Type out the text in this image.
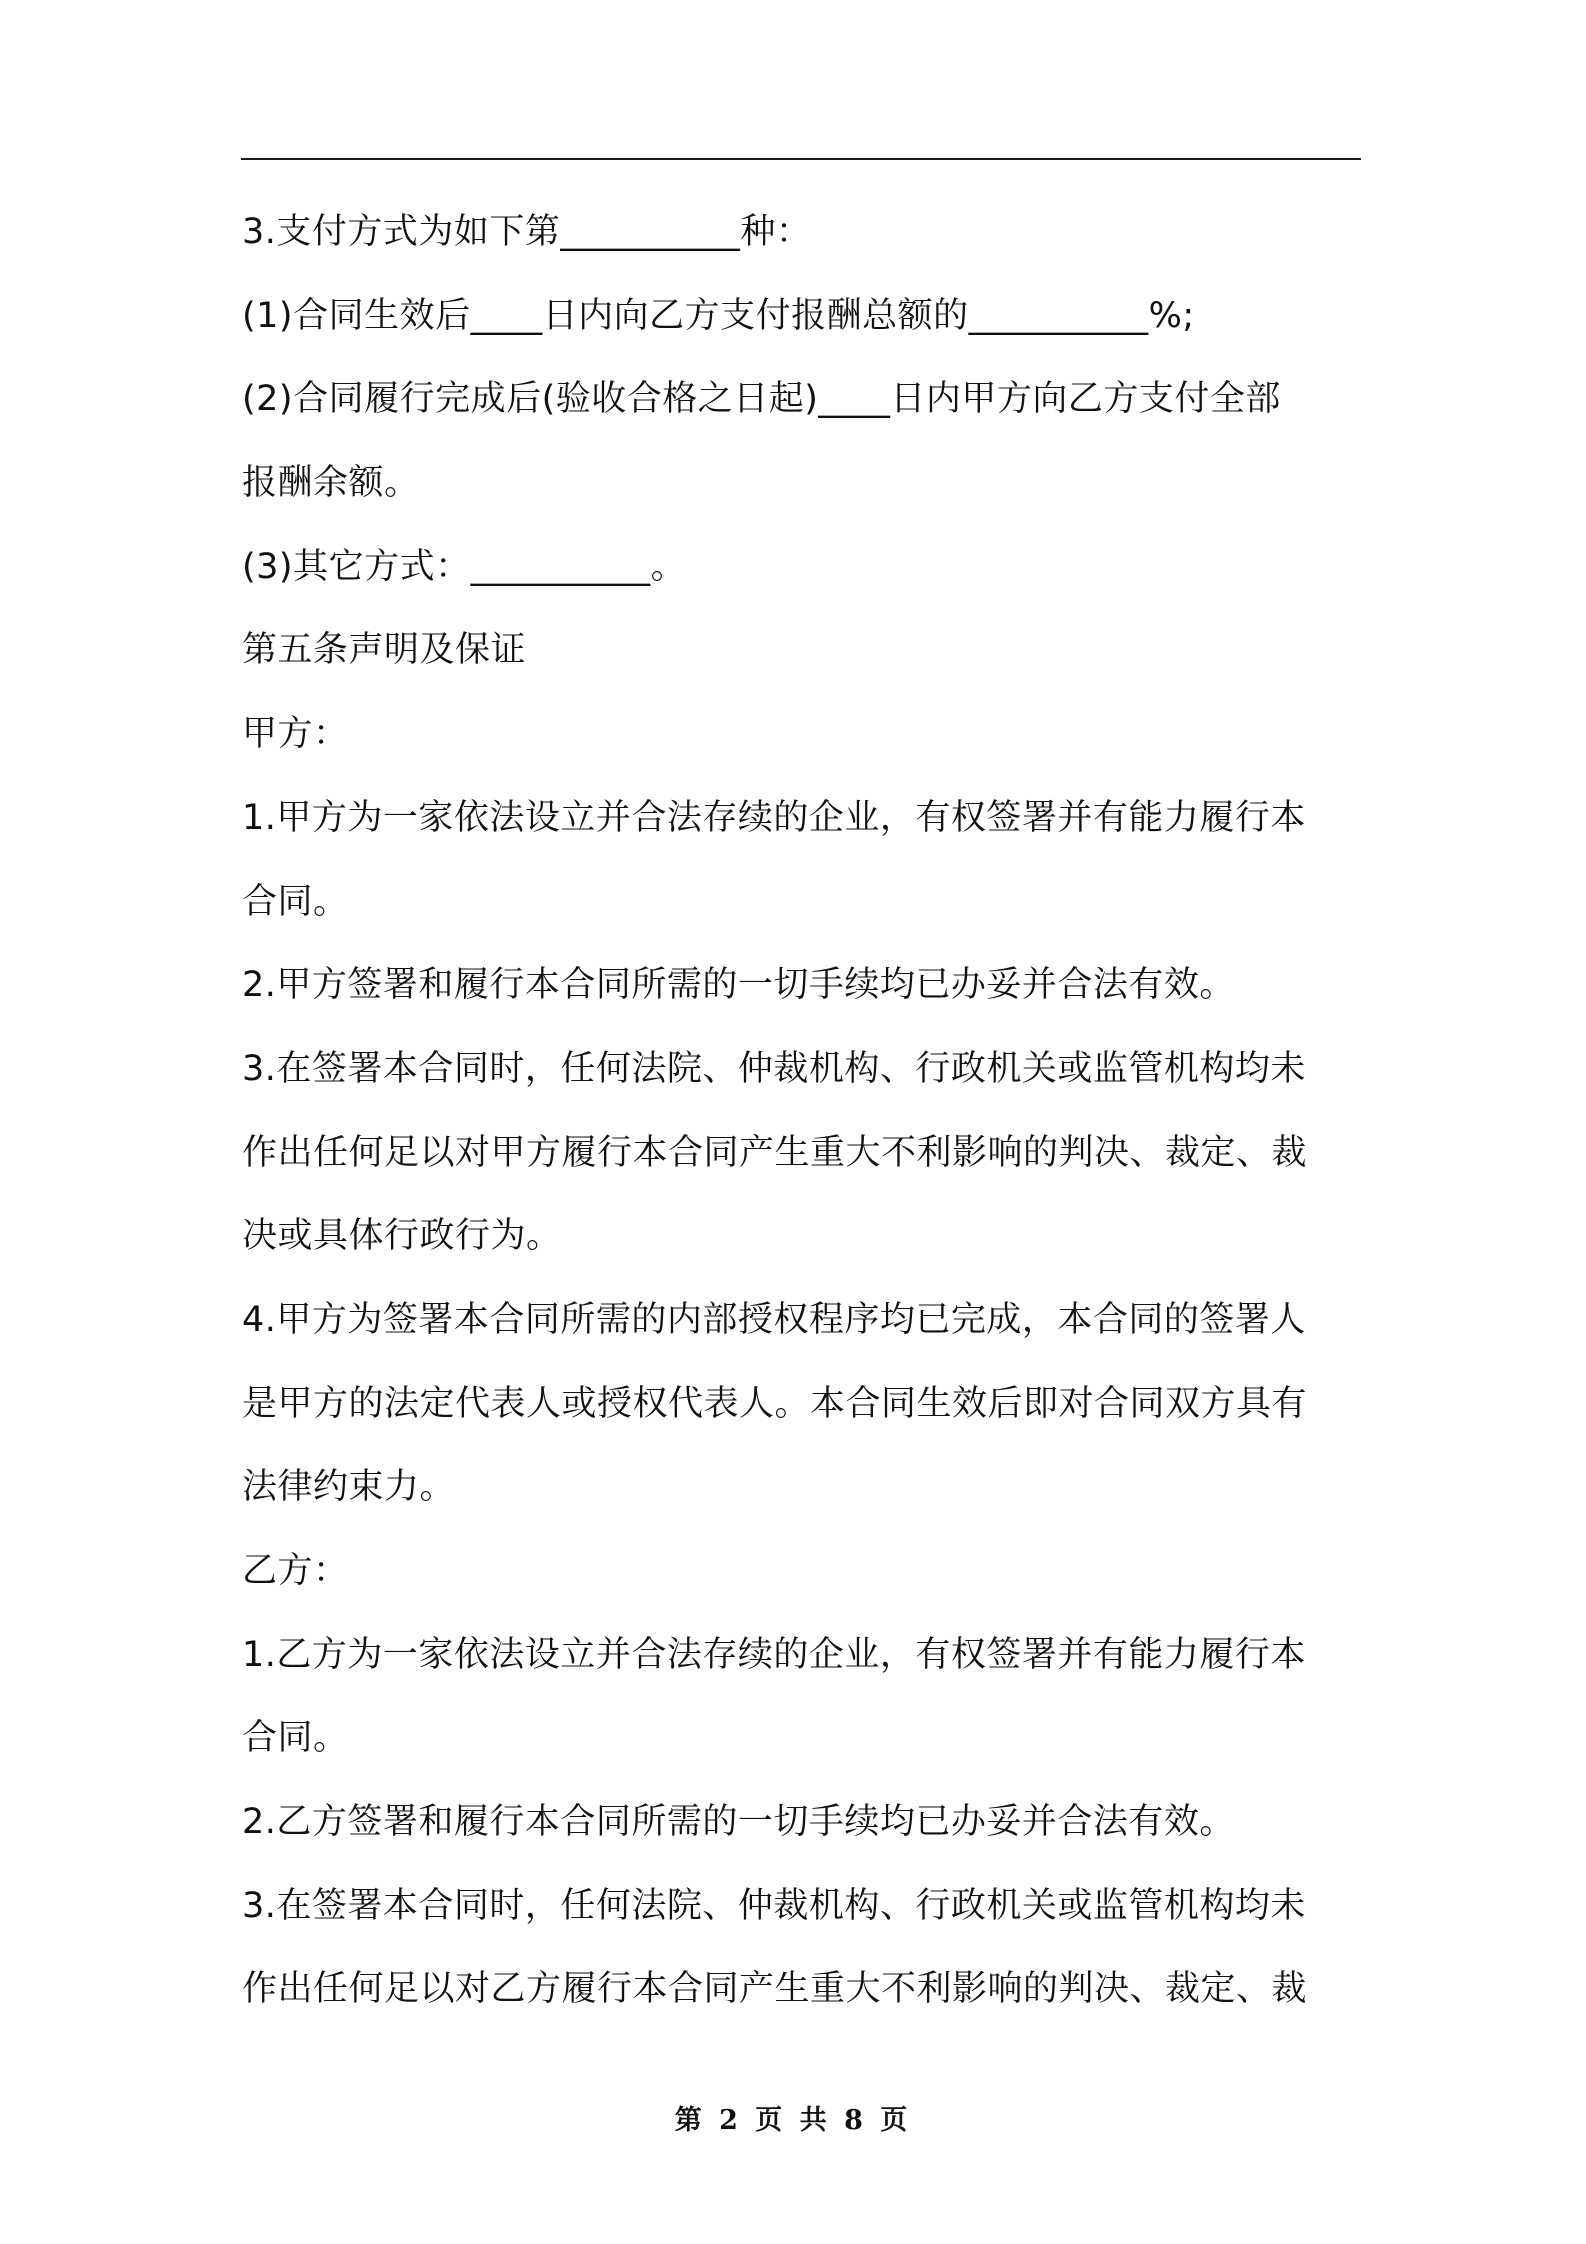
3.支付方式为如下第__________种：
(1)合同生效后____日内向乙方支付报酬总额的__________%;
(2)合同履行完成后(验收合格之日起)____日内甲方向乙方支付全部
报酬余额。
(3)其它方式：__________。
第五条声明及保证
甲方：
1.甲方为一家依法设立并合法存续的企业，有权签署并有能力履行本
合同。
2.甲方签署和履行本合同所需的一切手续均已办妥并合法有效。
3.在签署本合同时，任何法院、仲裁机构、行政机关或监管机构均未
作出任何足以对甲方履行本合同产生重大不利影响的判决、裁定、裁
决或具体行政行为。
4.甲方为签署本合同所需的内部授权程序均已完成，本合同的签署人
是甲方的法定代表人或授权代表人。本合同生效后即对合同双方具有
法律约束力。
乙方：
1.乙方为一家依法设立并合法存续的企业，有权签署并有能力履行本
合同。
2.乙方签署和履行本合同所需的一切手续均已办妥并合法有效。
3.在签署本合同时，任何法院、仲裁机构、行政机关或监管机构均未
作出任何足以对乙方履行本合同产生重大不利影响的判决、裁定、裁
第 2 页 共 8 页
